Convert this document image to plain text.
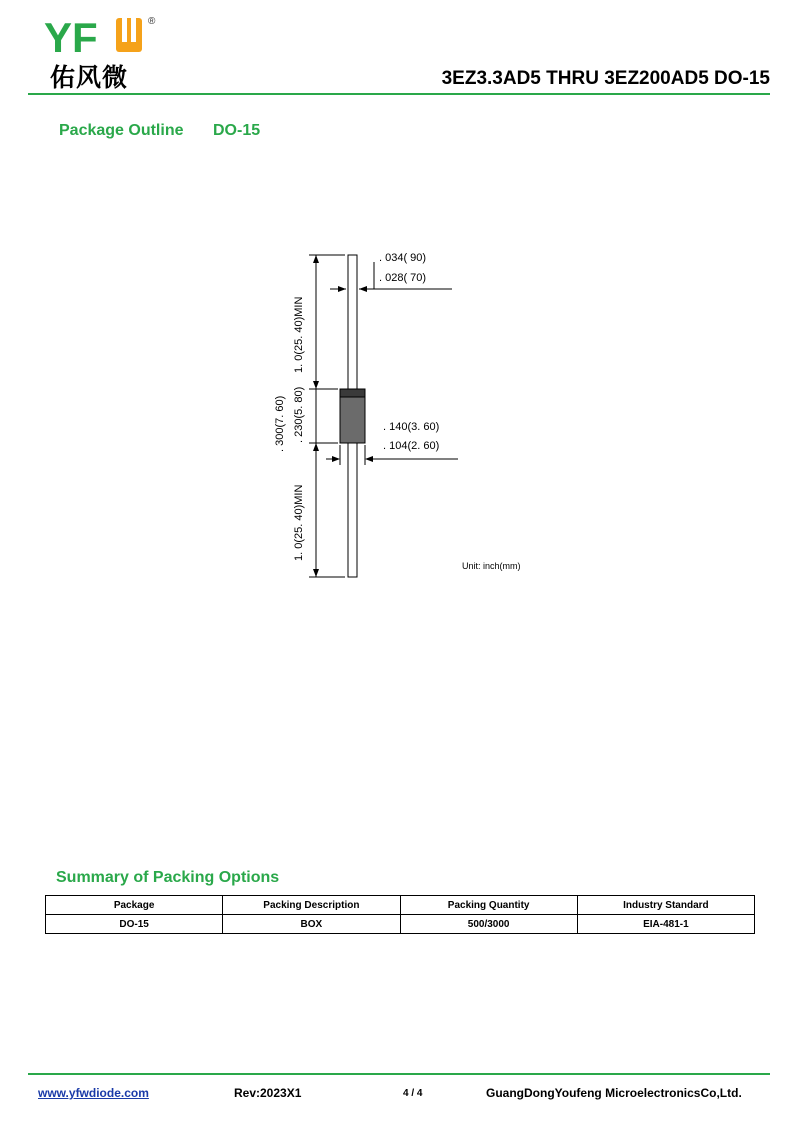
YF	®
佑风微	3EZ3.3AD5 THRU 3EZ200AD5 DO-15
Package Outline DO-15
. 034( 90)
. 028( 70)
. 140(3. 60)
. 104(2. 60)
1. 0(25. 40)MIN
1. 0(25. 40)MIN
. 300(7. 60) . 230(5. 80)
Unit: inch(mm)
Summary of Packing Options
Package	Packing Description	Packing Quantity	Industry Standard
DO-15	BOX	500/3000	EIA-481-1
www.yfwdiode.com	Rev:2023X1	4 / 4	GuangDongYoufeng MicroelectronicsCo,Ltd.
